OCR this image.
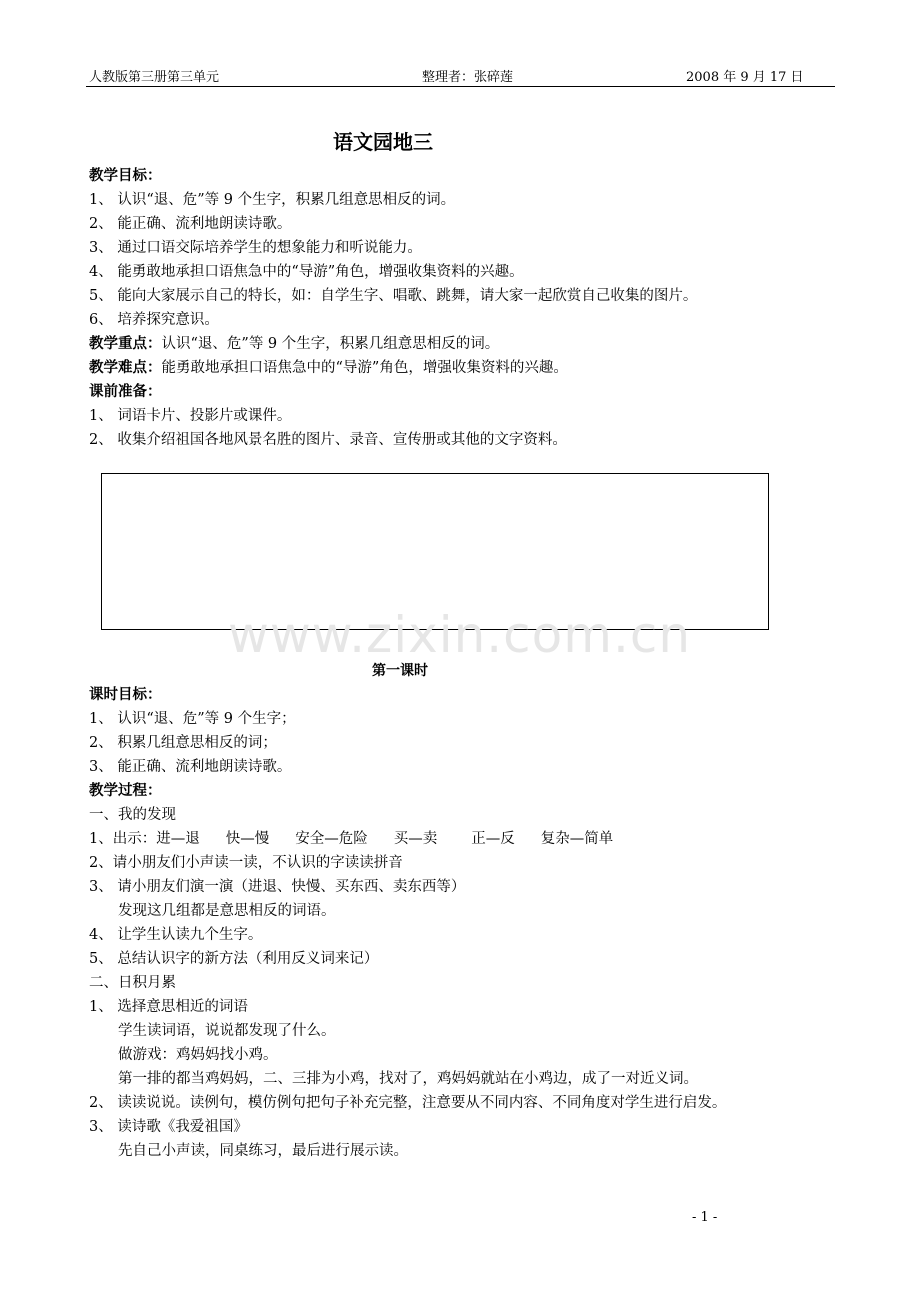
人教版第三册第三单元	整理者：张碎莲	2008 年 9 月 17 日
语文园地三
教学目标：
1、 认识“退、危”等 9 个生字，积累几组意思相反的词。
2、 能正确、流利地朗读诗歌。
3、 通过口语交际培养学生的想象能力和听说能力。
4、 能勇敢地承担口语焦急中的“导游”角色，增强收集资料的兴趣。
5、 能向大家展示自己的特长，如：自学生字、唱歌、跳舞，请大家一起欣赏自己收集的图片。
6、 培养探究意识。
教学重点：认识“退、危”等 9 个生字，积累几组意思相反的词。
教学难点：能勇敢地承担口语焦急中的“导游”角色，增强收集资料的兴趣。
课前准备：
1、 词语卡片、投影片或课件。
2、 收集介绍祖国各地风景名胜的图片、录音、宣传册或其他的文字资料。
www.zixin.com.cn
第一课时
课时目标：
1、 认识“退、危”等 9 个生字；
2、 积累几组意思相反的词；
3、 能正确、流利地朗读诗歌。
教学过程：
一、我的发现
1、出示：进—退 快—慢 安全—危险 买—卖 正—反 复杂—简单
2、请小朋友们小声读一读，不认识的字读读拼音
3、 请小朋友们演一演（进退、快慢、买东西、卖东西等）
发现这几组都是意思相反的词语。
4、 让学生认读九个生字。
5、 总结认识字的新方法（利用反义词来记）
二、日积月累
1、 选择意思相近的词语
学生读词语，说说都发现了什么。
做游戏：鸡妈妈找小鸡。
第一排的都当鸡妈妈，二、三排为小鸡，找对了，鸡妈妈就站在小鸡边，成了一对近义词。
2、 读读说说。读例句，模仿例句把句子补充完整，注意要从不同内容、不同角度对学生进行启发。
3、 读诗歌《我爱祖国》
先自己小声读，同桌练习，最后进行展示读。
- 1 -
